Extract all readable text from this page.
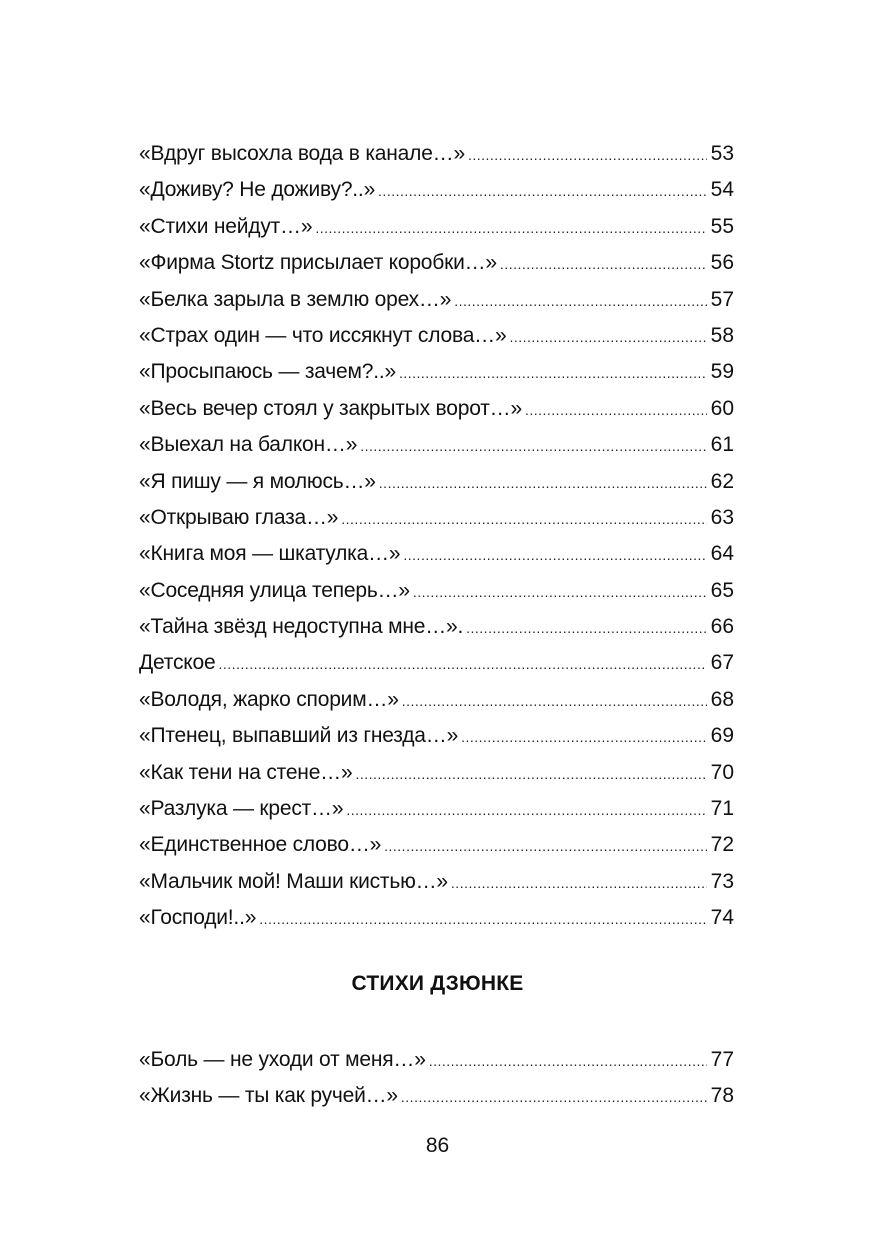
«Вдруг высохла вода в канале…» .....	53
«Доживу? Не доживу?..» .....	54
«Стихи нейдут…» .....	55
«Фирма Stortz присылает коробки…» .....	56
«Белка зарыла в землю орех…» .....	57
«Страх один — что иссякнут слова…» .....	58
«Просыпаюсь — зачем?..» .....	59
«Весь вечер стоял у закрытых ворот…» .....	60
«Выехал на балкон…» .....	61
«Я пишу — я молюсь…» .....	62
«Открываю глаза…» .....	63
«Книга моя — шкатулка…» .....	64
«Соседняя улица теперь…» .....	65
«Тайна звёзд недоступна мне…». .....	66
Детское .....	67
«Володя, жарко спорим…» .....	68
«Птенец, выпавший из гнезда…» .....	69
«Как тени на стене…» .....	70
«Разлука — крест…» .....	71
«Единственное слово…» .....	72
«Мальчик мой! Маши кистью…» .....	73
«Господи!..» .....	74
СТИХИ ДЗЮНКЕ
«Боль — не уходи от меня…» .....	77
«Жизнь — ты как ручей…» .....	78
86
